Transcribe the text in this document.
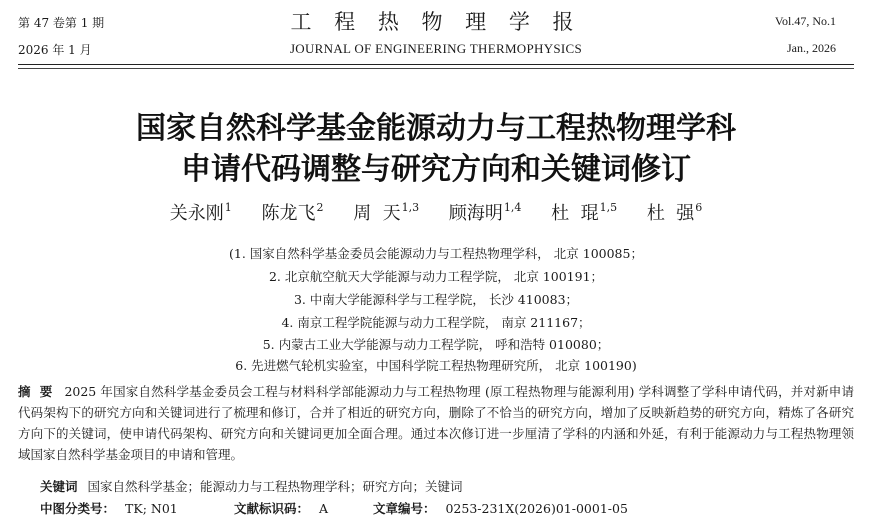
第 47 卷第 1 期
2026 年 1 月
工 程 热 物 理 学 报
JOURNAL OF ENGINEERING THERMOPHYSICS
Vol.47, No.1
Jan., 2026
国家自然科学基金能源动力与工程热物理学科
申请代码调整与研究方向和关键词修订
关永刚$^1$ 陈龙飞$^2$ 周  天$^{1,3}$ 顾海明$^{1,4}$ 杜  琨$^{1,5}$ 杜  强$^6$
(1. 国家自然科学基金委员会能源动力与工程热物理学科， 北京 100085；
2. 北京航空航天大学能源与动力工程学院， 北京 100191；
3. 中南大学能源科学与工程学院， 长沙 410083；
4. 南京工程学院能源与动力工程学院， 南京 211167；
5. 内蒙古工业大学能源与动力工程学院， 呼和浩特 010080；
6. 先进燃气轮机实验室，中国科学院工程热物理研究所， 北京 100190)
摘  要 2025 年国家自然科学基金委员会工程与材料科学部能源动力与工程热物理 (原工程热物理与能源利用) 学科调整了学科申请代码，并对新申请代码架构下的研究方向和关键词进行了梳理和修订，合并了相近的研究方向，删除了不恰当的研究方向，增加了反映新趋势的研究方向，精炼了各研究方向下的关键词，使申请代码架构、研究方向和关键词更加全面合理。通过本次修订进一步厘清了学科的内涵和外延，有利于能源动力与工程热物理领域国家自然科学基金项目的申请和管理。
关键词 国家自然科学基金；能源动力与工程热物理学科；研究方向；关键词
中图分类号： TK; N01	文献标识码： A	文章编号： 0253-231X(2026)01-0001-05
